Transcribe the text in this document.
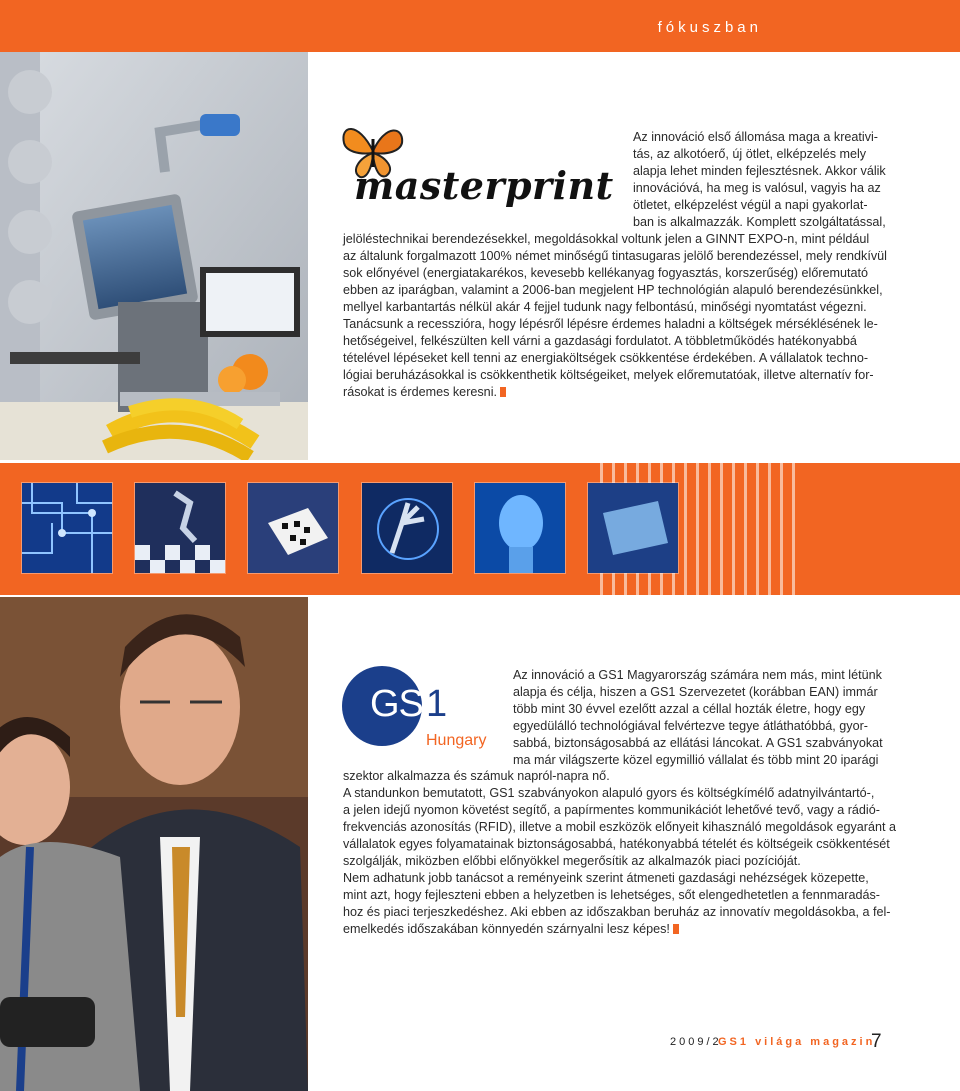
fókuszban
masterprint

Az innováció első állomása maga a kreativi-

tás, az alkotóerő, új ötlet, elképzelés mely

alapja lehet minden fejlesztésnek. Akkor válik

innovációvá, ha meg is valósul, vagyis ha az

ötletet, elképzelést végül a napi gyakorlat-

ban is alkalmazzák. Komplett szolgáltatással,

jelöléstechnikai berendezésekkel, megoldásokkal voltunk jelen a GINNT EXPO-n, mint például

az általunk forgalmazott 100% német minőségű tintasugaras jelölő berendezéssel, mely rendkívül

sok előnyével (energiatakarékos, kevesebb kellékanyag fogyasztás, korszerűség) előremutató

ebben az iparágban, valamint a 2006-ban megjelent HP technológián alapuló berendezésünkkel,

mellyel karbantartás nélkül akár 4 fejjel tudunk nagy felbontású, minőségi nyomtatást végezni.

Tanácsunk a recesszióra, hogy lépésről lépésre érdemes haladni a költségek mérséklésének le-

hetőségeivel, felkészülten kell várni a gazdasági fordulatot. A többletműködés hatékonyabbá

tételével lépéseket kell tenni az energiaköltségek csökkentése érdekében. A vállalatok techno-

lógiai beruházásokkal is csökkenthetik költségeiket, melyek előremutatóak, illetve alternatív for-

rásokat is érdemes keresni.

GS 1
Hungary

Az innováció a GS1 Magyarország számára nem más, mint létünk

alapja és célja, hiszen a GS1 Szervezetet (korábban EAN) immár

több mint 30 évvel ezelőtt azzal a céllal hozták életre, hogy egy

egyedülálló technológiával felvértezve tegye átláthatóbbá, gyor-

sabbá, biztonságosabbá az ellátási láncokat. A GS1 szabványokat

ma már világszerte közel egymillió vállalat és több mint 20 iparági

szektor alkalmazza és számuk napról-napra nő.

A standunkon bemutatott, GS1 szabványokon alapuló gyors és költségkímélő adatnyilvántartó-,

a jelen idejű nyomon követést segítő, a papírmentes kommunikációt lehetővé tevő, vagy a rádió-

frekvenciás azonosítás (RFID), illetve a mobil eszközök előnyeit kihasználó megoldások egyaránt a

vállalatok egyes folyamatainak biztonságosabbá, hatékonyabbá tételét és költségeik csökkentését

szolgálják, miközben előbbi előnyökkel megerősítik az alkalmazók piaci pozícióját.

Nem adhatunk jobb tanácsot a reményeink szerint átmeneti gazdasági nehézségek közepette,

mint azt, hogy fejleszteni ebben a helyzetben is lehetséges, sőt elengedhetetlen a fennmaradás-

hoz és piaci terjeszkedéshez. Aki ebben az időszakban beruház az innovatív megoldásokba, a fel-

emelkedés időszakában könnyedén szárnyalni lesz képes!

2009/2
GS1 világa magazin
7
